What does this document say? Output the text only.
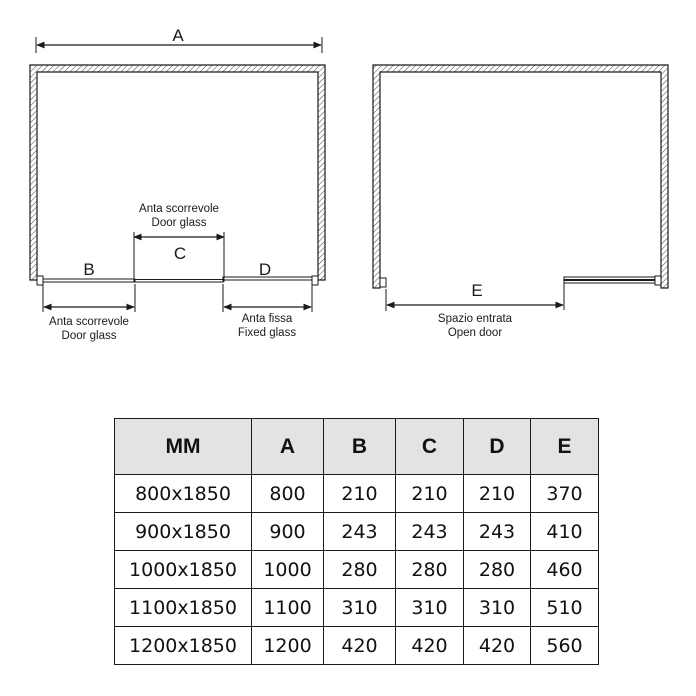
A
C
Anta scorrevole
Door glass
B
Anta scorrevole
Door glass
D
Anta fissa
Fixed glass
E
Spazio entrata
Open door
MM	A	B	C	D	E
800x1850	800	210	210	210	370
900x1850	900	243	243	243	410
1000x1850	1000	280	280	280	460
1100x1850	1100	310	310	310	510
1200x1850	1200	420	420	420	560
